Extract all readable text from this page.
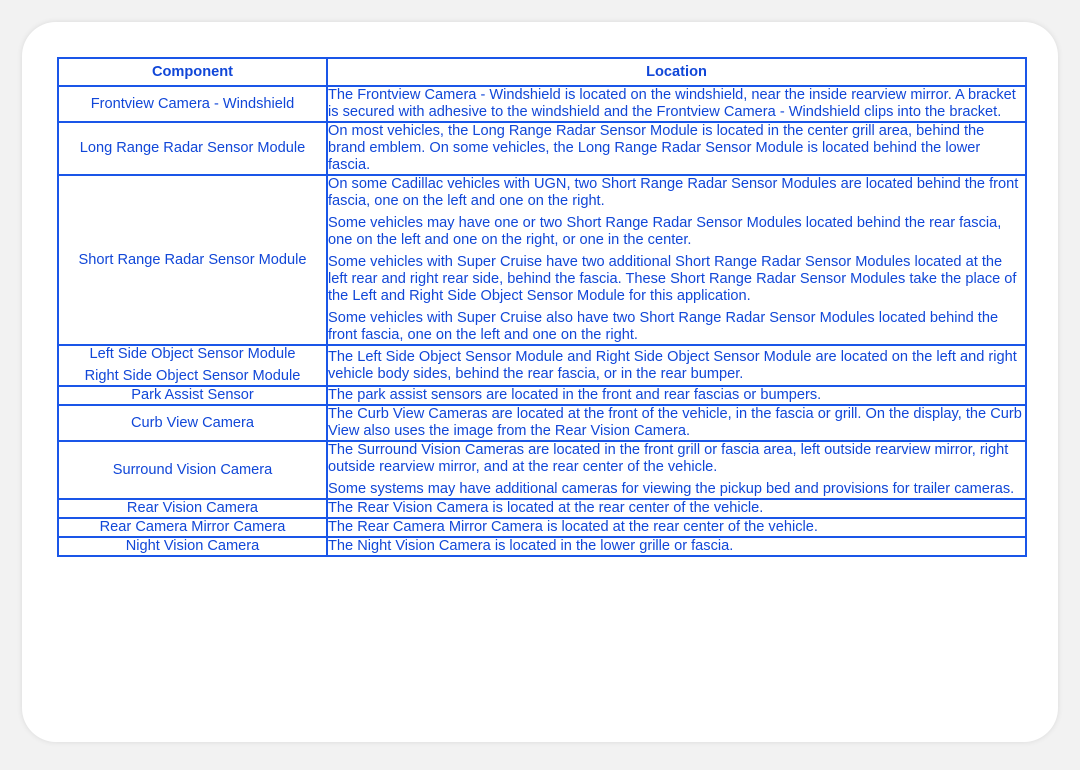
Component	Location

Frontview Camera - Windshield	The Frontview Camera - Windshield is located on the windshield, near the inside rearview mirror. A bracket is secured with adhesive to the windshield and the Frontview Camera - Windshield clips into the bracket.

Long Range Radar Sensor Module	On most vehicles, the Long Range Radar Sensor Module is located in the center grill area, behind the brand emblem. On some vehicles, the Long Range Radar Sensor Module is located behind the lower fascia.

Short Range Radar Sensor Module	On some Cadillac vehicles with UGN, two Short Range Radar Sensor Modules are located behind the front fascia, one on the left and one on the right.
Some vehicles may have one or two Short Range Radar Sensor Modules located behind the rear fascia, one on the left and one on the right, or one in the center.
Some vehicles with Super Cruise have two additional Short Range Radar Sensor Modules located at the left rear and right rear side, behind the fascia. These Short Range Radar Sensor Modules take the place of the Left and Right Side Object Sensor Module for this application.
Some vehicles with Super Cruise also have two Short Range Radar Sensor Modules located behind the front fascia, one on the left and one on the right.

Left Side Object Sensor Module
Right Side Object Sensor Module	The Left Side Object Sensor Module and Right Side Object Sensor Module are located on the left and right vehicle body sides, behind the rear fascia, or in the rear bumper.

Park Assist Sensor	The park assist sensors are located in the front and rear fascias or bumpers.

Curb View Camera	The Curb View Cameras are located at the front of the vehicle, in the fascia or grill. On the display, the Curb View also uses the image from the Rear Vision Camera.

Surround Vision Camera	The Surround Vision Cameras are located in the front grill or fascia area, left outside rearview mirror, right outside rearview mirror, and at the rear center of the vehicle.
Some systems may have additional cameras for viewing the pickup bed and provisions for trailer cameras.

Rear Vision Camera	The Rear Vision Camera is located at the rear center of the vehicle.

Rear Camera Mirror Camera	The Rear Camera Mirror Camera is located at the rear center of the vehicle.

Night Vision Camera	The Night Vision Camera is located in the lower grille or fascia.
